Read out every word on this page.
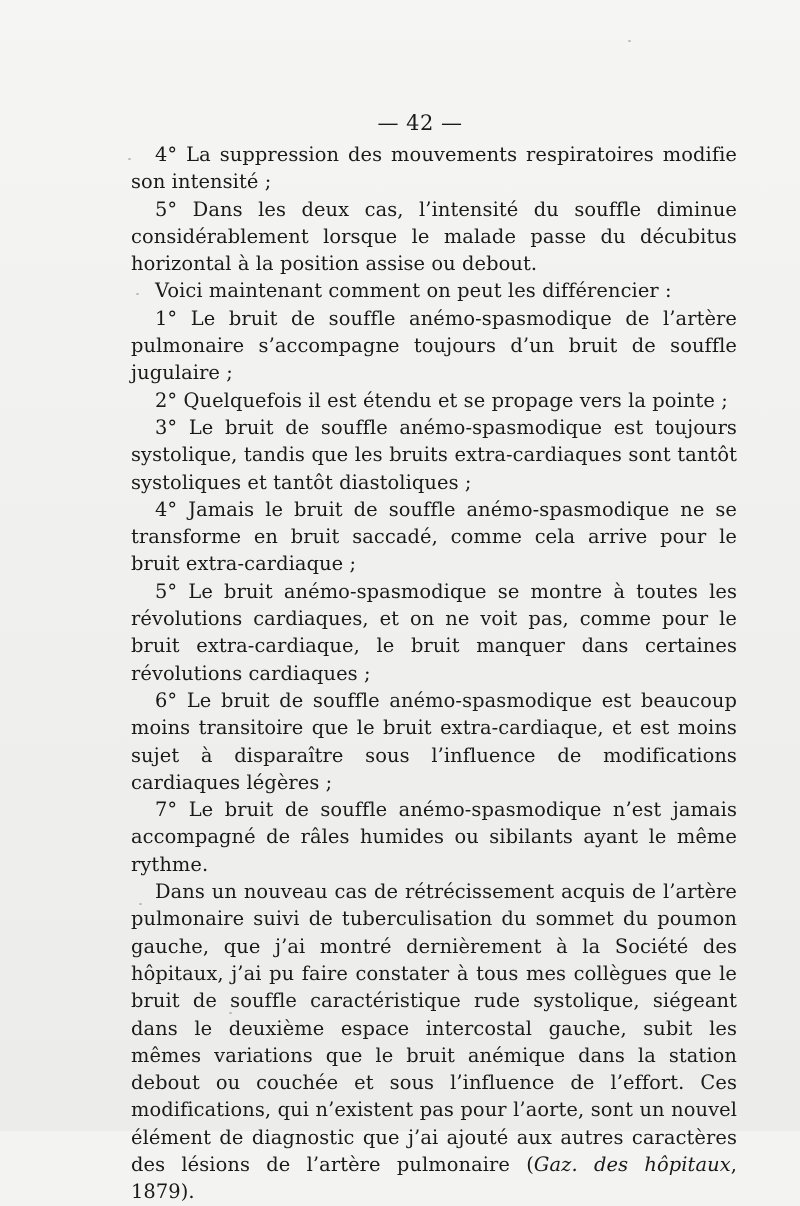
— 42 —

4° La suppression des mouvements respiratoires modifie son intensité ;

5° Dans les deux cas, l’intensité du souffle diminue considérablement lorsque le malade passe du décubitus horizontal à la position assise ou debout.

Voici maintenant comment on peut les différencier :

1° Le bruit de souffle anémo-spasmodique de l’artère pulmonaire s’accompagne toujours d’un bruit de souffle jugulaire ;

2° Quelquefois il est étendu et se propage vers la pointe ;

3° Le bruit de souffle anémo-spasmodique est toujours systolique, tandis que les bruits extra-cardiaques sont tantôt systoliques et tantôt diastoliques ;

4° Jamais le bruit de souffle anémo-spasmodique ne se transforme en bruit saccadé, comme cela arrive pour le bruit extra-cardiaque ;

5° Le bruit anémo-spasmodique se montre à toutes les révolutions cardiaques, et on ne voit pas, comme pour le bruit extra-cardiaque, le bruit manquer dans certaines révolutions cardiaques ;

6° Le bruit de souffle anémo-spasmodique est beaucoup moins transitoire que le bruit extra-cardiaque, et est moins sujet à disparaître sous l’influence de modifications cardiaques légères ;

7° Le bruit de souffle anémo-spasmodique n’est jamais accompagné de râles humides ou sibilants ayant le même rythme.

Dans un nouveau cas de rétrécissement acquis de l’artère pulmonaire suivi de tuberculisation du sommet du poumon gauche, que j’ai montré dernièrement à la Société des hôpitaux, j’ai pu faire constater à tous mes collègues que le bruit de souffle caractéristique rude systolique, siégeant dans le deuxième espace intercostal gauche, subit les mêmes variations que le bruit anémique dans la station debout ou couchée et sous l’influence de l’effort. Ces modifications, qui n’existent pas pour l’aorte, sont un nouvel élément de diagnostic que j’ai ajouté aux autres caractères des lésions de l’artère pulmonaire (Gaz. des hôpitaux, 1879).
